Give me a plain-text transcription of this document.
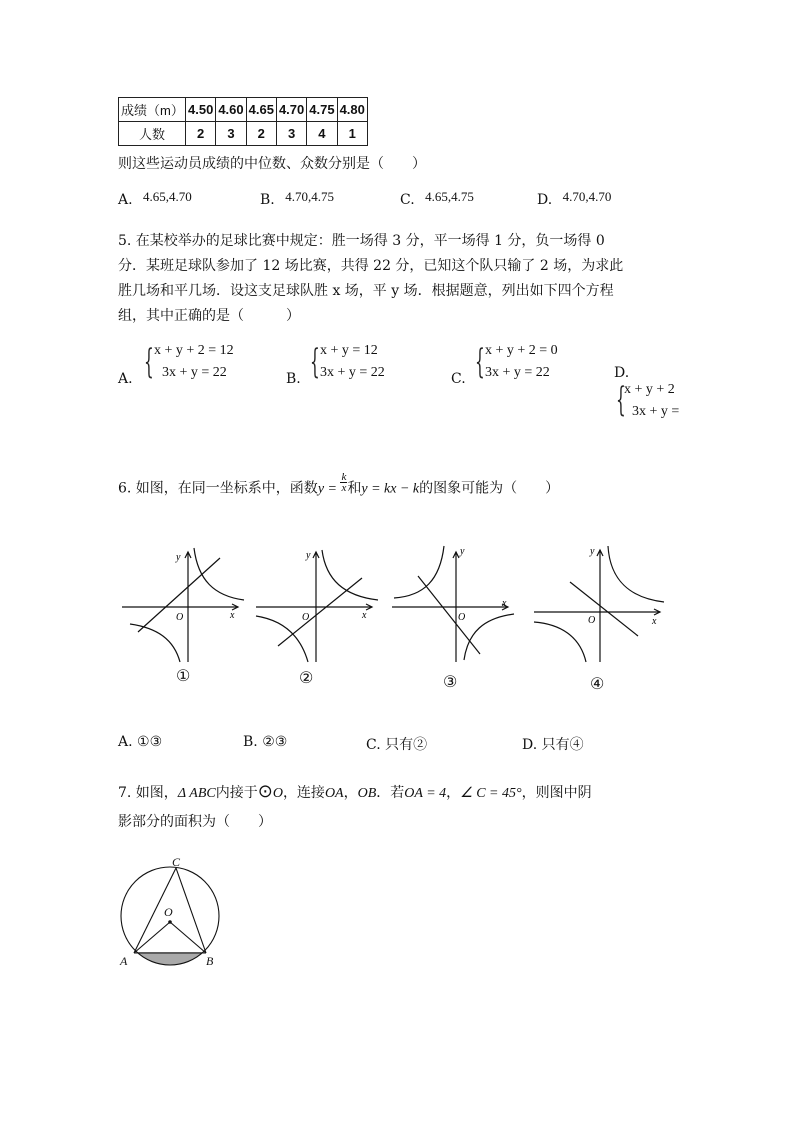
成绩（m）	4.50	4.60	4.65	4.70	4.75	4.80
人数	2	3	2	3	4	1
则这些运动员成绩的中位数、众数分别是（　　）
A. 4.65,4.70	B. 4.70,4.75	C. 4.65,4.75	D. 4.70,4.70
5. 在某校举办的足球比赛中规定：胜一场得 3 分，平一场得 1 分，负一场得 0
分．某班足球队参加了 12 场比赛，共得 22 分，已知这个队只输了 2 场，为求此
胜几场和平几场．设这支足球队胜 x 场，平 y 场．根据题意，列出如下四个方程
组，其中正确的是（　　　）
A. { x + y + 2 = 12
3x + y = 22	B. { x + y = 12
3x + y = 22	C. { x + y + 2 = 0
3x + y = 22	D.
{
x + y + 2
3x + y =
6. 如图，在同一坐标系中，函数$y = \frac{k}{x}$ 和y = kx − k的图象可能为（　　）
y
x
O
①
y
x
O
②
y
x
O
③
y
x
O
④
A. ①③	B. ②③	C. 只有②	D. 只有④
7. 如图，Δ ABC内接于⊙O，连接OA，OB．若OA = 4，∠ C = 45°，则图中阴
影部分的面积为（　　）
C
O
A	B
